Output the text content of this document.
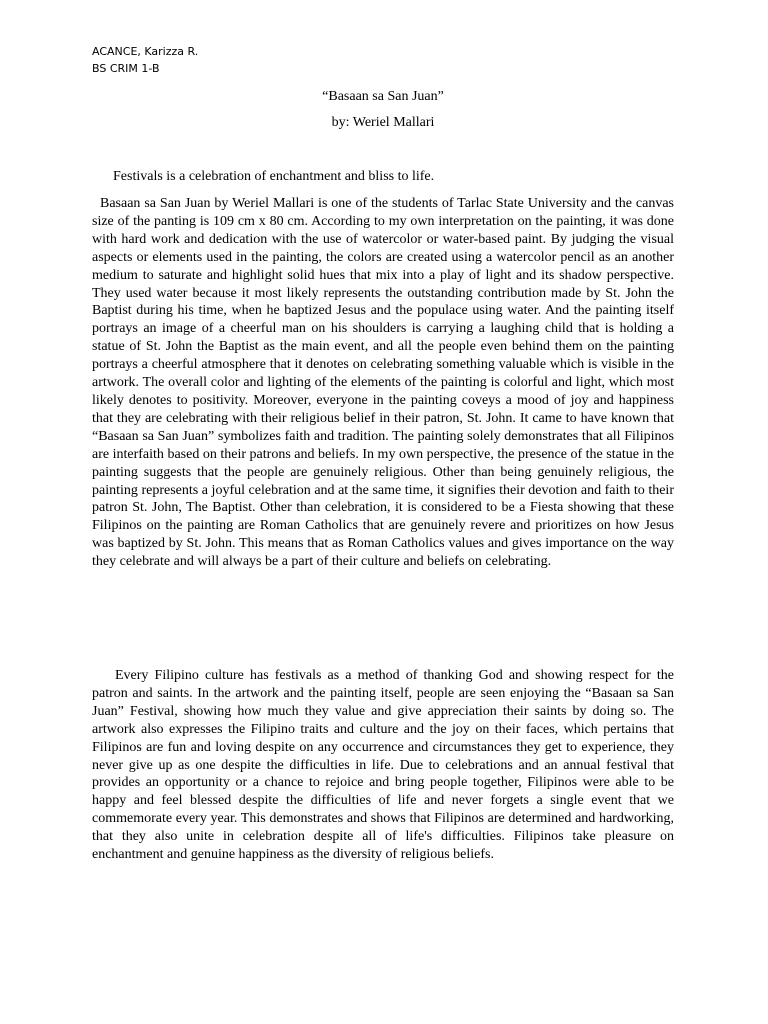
ACANCE, Karizza R.
BS CRIM 1-B
“Basaan sa San Juan”
by: Weriel Mallari

Festivals is a celebration of enchantment and bliss to life.

Basaan sa San Juan by Weriel Mallari is one of the students of Tarlac State University and the canvas size of the panting is 109 cm x 80 cm. According to my own interpretation on the painting, it was done with hard work and dedication with the use of watercolor or water-based paint. By judging the visual aspects or elements used in the painting, the colors are created using a watercolor pencil as an another medium to saturate and highlight solid hues that mix into a play of light and its shadow perspective. They used water because it most likely represents the outstanding contribution made by St. John the Baptist during his time, when he baptized Jesus and the populace using water. And the painting itself portrays an image of a cheerful man on his shoulders is carrying a laughing child that is holding a statue of St. John the Baptist as the main event, and all the people even behind them on the painting portrays a cheerful atmosphere that it denotes on celebrating something valuable which is visible in the artwork. The overall color and lighting of the elements of the painting is colorful and light, which most likely denotes to positivity. Moreover, everyone in the painting coveys a mood of joy and happiness that they are celebrating with their religious belief in their patron, St. John. It came to have known that “Basaan sa San Juan” symbolizes faith and tradition. The painting solely demonstrates that all Filipinos are interfaith based on their patrons and beliefs. In my own perspective, the presence of the statue in the painting suggests that the people are genuinely religious. Other than being genuinely religious, the painting represents a joyful celebration and at the same time, it signifies their devotion and faith to their patron St. John, The Baptist. Other than celebration, it is considered to be a Fiesta showing that these Filipinos on the painting are Roman Catholics that are genuinely revere and prioritizes on how Jesus was baptized by St. John. This means that as Roman Catholics values and gives importance on the way they celebrate and will always be a part of their culture and beliefs on celebrating.

Every Filipino culture has festivals as a method of thanking God and showing respect for the patron and saints. In the artwork and the painting itself, people are seen enjoying the “Basaan sa San Juan” Festival, showing how much they value and give appreciation their saints by doing so. The artwork also expresses the Filipino traits and culture and the joy on their faces, which pertains that Filipinos are fun and loving despite on any occurrence and circumstances they get to experience, they never give up as one despite the difficulties in life. Due to celebrations and an annual festival that provides an opportunity or a chance to rejoice and bring people together, Filipinos were able to be happy and feel blessed despite the difficulties of life and never forgets a single event that we commemorate every year. This demonstrates and shows that Filipinos are determined and hardworking, that they also unite in celebration despite all of life's difficulties. Filipinos take pleasure on enchantment and genuine happiness as the diversity of religious beliefs.
